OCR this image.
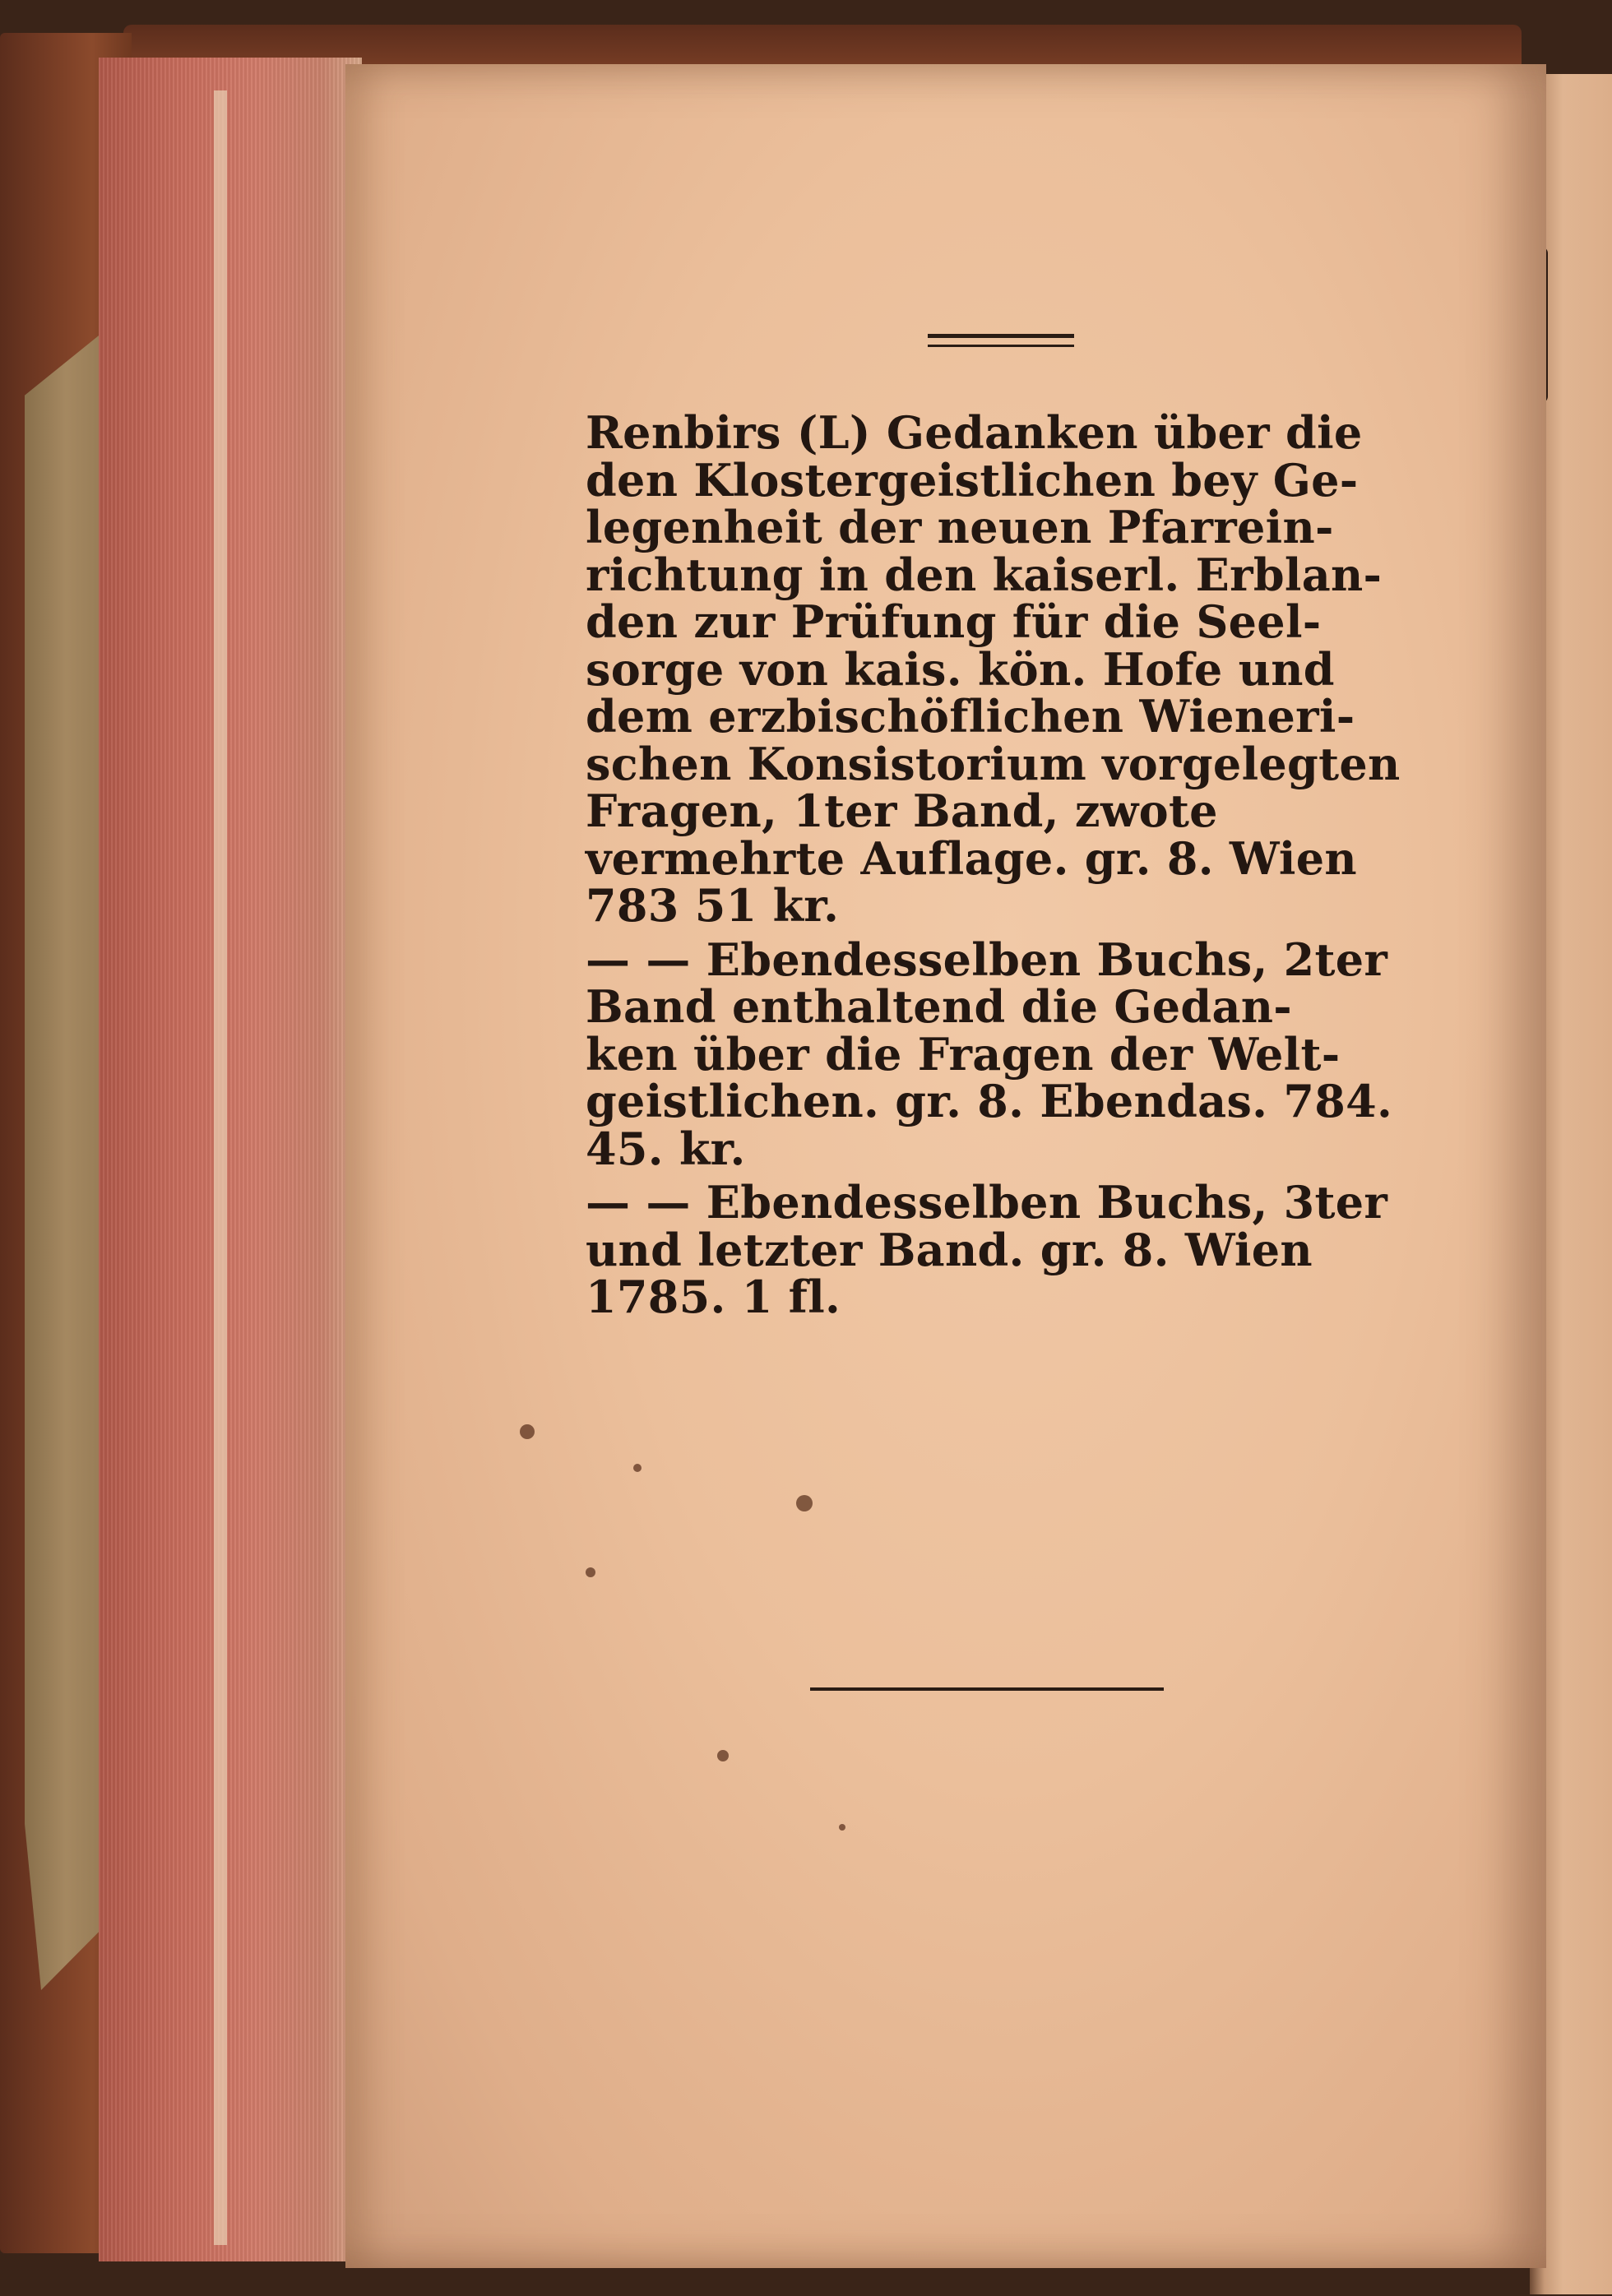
Renbirs (L) Gedanken über die
den Klostergeistlichen bey Ge-
legenheit der neuen Pfarrein-
richtung in den kaiserl. Erblan-
den zur Prüfung für die Seel-
sorge von kais. kön. Hofe und
dem erzbischöflichen Wieneri-
schen Konsistorium vorgelegten
Fragen, 1ter Band, zwote
vermehrte Auflage. gr. 8. Wien
783 51 kr.
— — Ebendesselben Buchs, 2ter
Band enthaltend die Gedan-
ken über die Fragen der Welt-
geistlichen. gr. 8. Ebendas. 784.
45. kr.
— — Ebendesselben Buchs, 3ter
und letzter Band. gr. 8. Wien
1785. 1 fl.
